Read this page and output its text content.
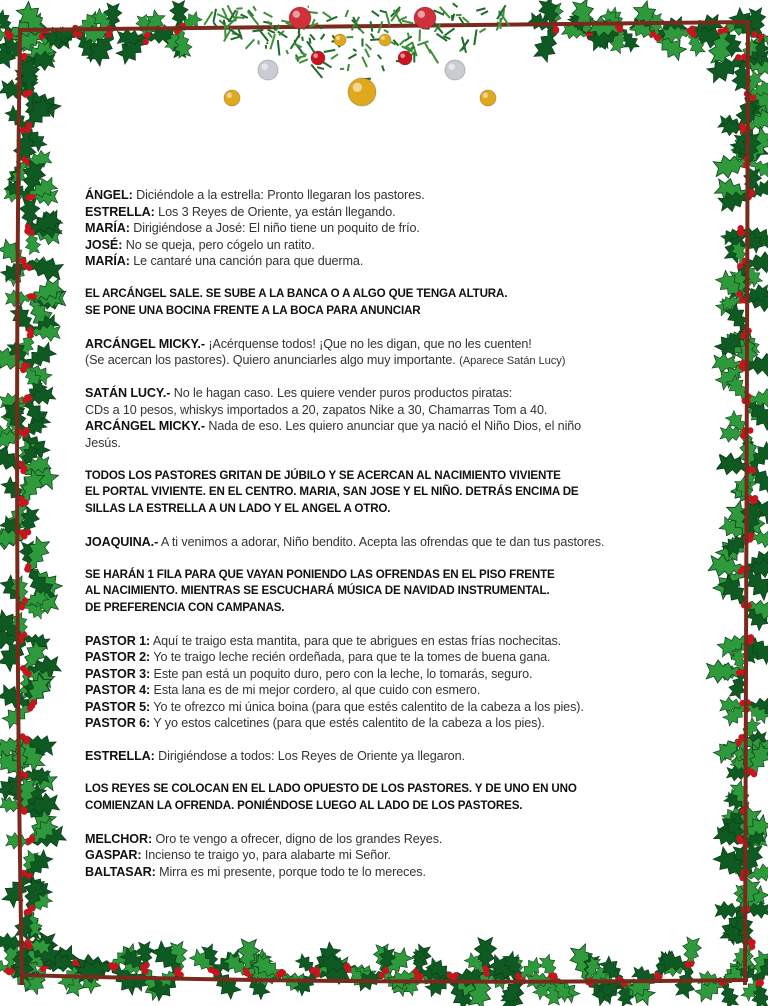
ÁNGEL: Diciéndole a la estrella: Pronto llegaran los pastores.
ESTRELLA: Los 3 Reyes de Oriente, ya están llegando.
MARÍA: Dirigiéndose a José: El niño tiene un poquito de frío.
JOSÉ: No se queja, pero cógelo un ratito.
MARÍA: Le cantaré una canción para que duerma.
EL ARCÁNGEL SALE. SE SUBE A LA BANCA O A ALGO QUE TENGA ALTURA.
SE PONE UNA BOCINA FRENTE A LA BOCA PARA ANUNCIAR
ARCÁNGEL MICKY.- ¡Acérquense todos! ¡Que no les digan, que no les cuenten!
(Se acercan los pastores). Quiero anunciarles algo muy importante. (Aparece Satán Lucy)
SATÁN LUCY.- No le hagan caso. Les quiere vender puros productos piratas:
CDs a 10 pesos, whiskys importados a 20, zapatos Nike a 30, Chamarras Tom a 40.
ARCÁNGEL MICKY.- Nada de eso. Les quiero anunciar que ya nació el Niño Dios, el niño
Jesús.
TODOS LOS PASTORES GRITAN DE JÚBILO Y SE ACERCAN AL NACIMIENTO VIVIENTE
EL PORTAL VIVIENTE. EN EL CENTRO. MARIA, SAN JOSE Y EL NIÑO. DETRÁS ENCIMA DE
SILLAS LA ESTRELLA A UN LADO Y EL ANGEL A OTRO.
JOAQUINA.- A ti venimos a adorar, Niño bendito. Acepta las ofrendas que te dan tus pastores.
SE HARÁN 1 FILA PARA QUE VAYAN PONIENDO LAS OFRENDAS EN EL PISO FRENTE
AL NACIMIENTO. MIENTRAS SE ESCUCHARÁ MÚSICA DE NAVIDAD INSTRUMENTAL.
DE PREFERENCIA CON CAMPANAS.
PASTOR 1: Aquí te traigo esta mantita, para que te abrigues en estas frías nochecitas.
PASTOR 2: Yo te traigo leche recién ordeñada, para que te la tomes de buena gana.
PASTOR 3: Este pan está un poquito duro, pero con la leche, lo tomarás, seguro.
PASTOR 4: Esta lana es de mi mejor cordero, al que cuido con esmero.
PASTOR 5: Yo te ofrezco mi única boina (para que estés calentito de la cabeza a los pies).
PASTOR 6: Y yo estos calcetines (para que estés calentito de la cabeza a los pies).
ESTRELLA: Dirigiéndose a todos: Los Reyes de Oriente ya llegaron.
LOS REYES SE COLOCAN EN EL LADO OPUESTO DE LOS PASTORES. Y DE UNO EN UNO
COMIENZAN LA OFRENDA. PONIÉNDOSE LUEGO AL LADO DE LOS PASTORES.
MELCHOR: Oro te vengo a ofrecer, digno de los grandes Reyes.
GASPAR: Incienso te traigo yo, para alabarte mi Señor.
BALTASAR: Mirra es mi presente, porque todo te lo mereces.
